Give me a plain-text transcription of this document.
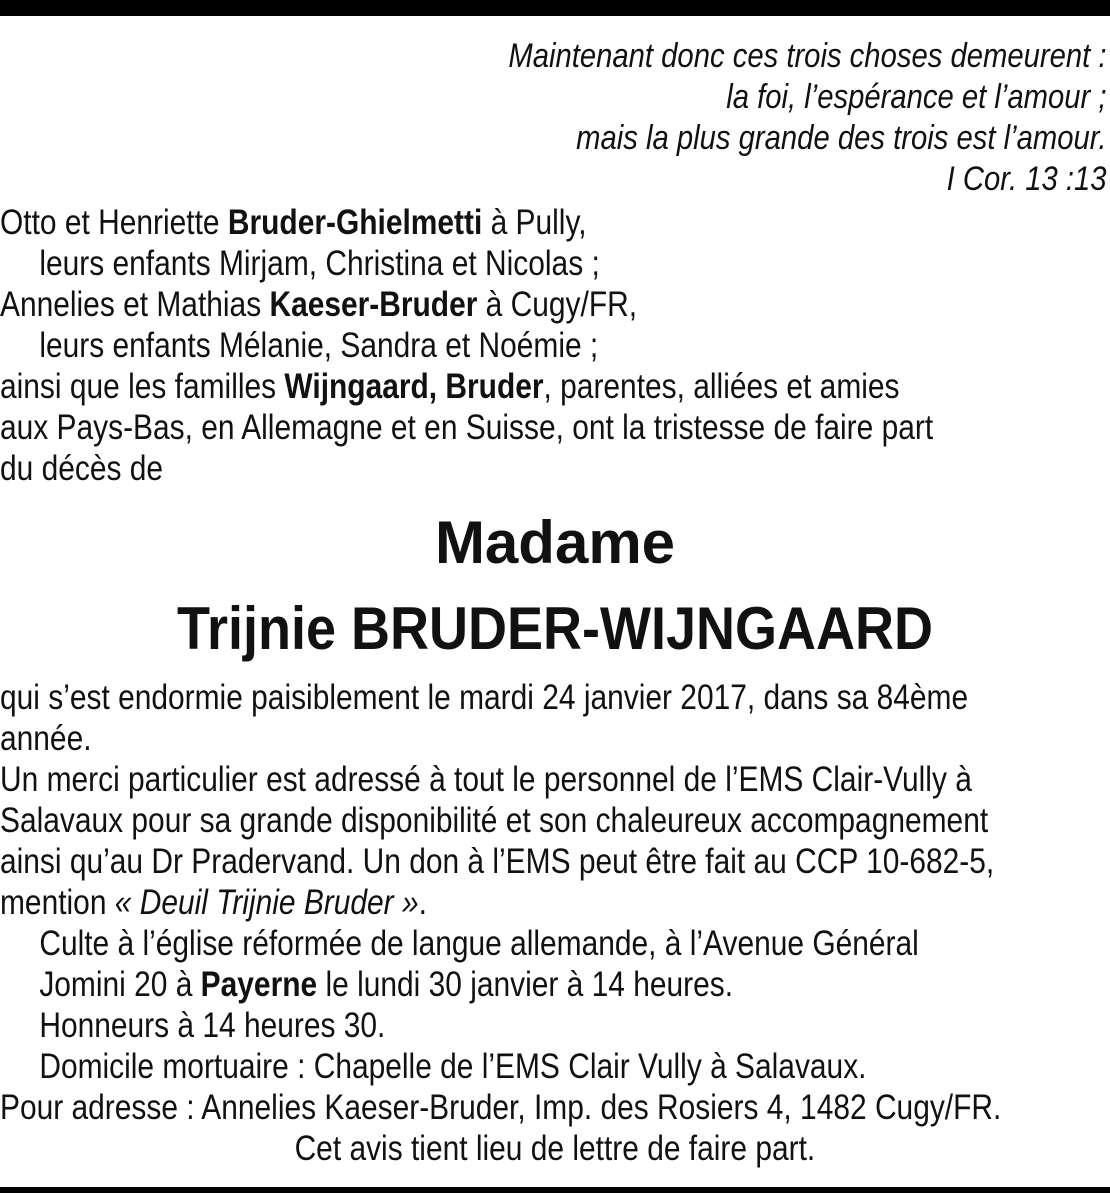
Maintenant donc ces trois choses demeurent :
la foi, l’espérance et l’amour ;
mais la plus grande des trois est l’amour.
I Cor. 13 :13
Otto et Henriette Bruder-Ghielmetti à Pully,
leurs enfants Mirjam, Christina et Nicolas ;
Annelies et Mathias Kaeser-Bruder à Cugy/FR,
leurs enfants Mélanie, Sandra et Noémie ;
ainsi que les familles Wijngaard, Bruder, parentes, alliées et amies
aux Pays-Bas, en Allemagne et en Suisse, ont la tristesse de faire part
du décès de
Madame
Trijnie BRUDER-WIJNGAARD
qui s’est endormie paisiblement le mardi 24 janvier 2017, dans sa 84ème
année.
Un merci particulier est adressé à tout le personnel de l’EMS Clair-Vully à
Salavaux pour sa grande disponibilité et son chaleureux accompagnement
ainsi qu’au Dr Pradervand. Un don à l’EMS peut être fait au CCP 10-682-5,
mention « Deuil Trijnie Bruder ».
Culte à l’église réformée de langue allemande, à l’Avenue Général
Jomini 20 à Payerne le lundi 30 janvier à 14 heures.
Honneurs à 14 heures 30.
Domicile mortuaire : Chapelle de l’EMS Clair Vully à Salavaux.
Pour adresse : Annelies Kaeser-Bruder, Imp. des Rosiers 4, 1482 Cugy/FR.
Cet avis tient lieu de lettre de faire part.
